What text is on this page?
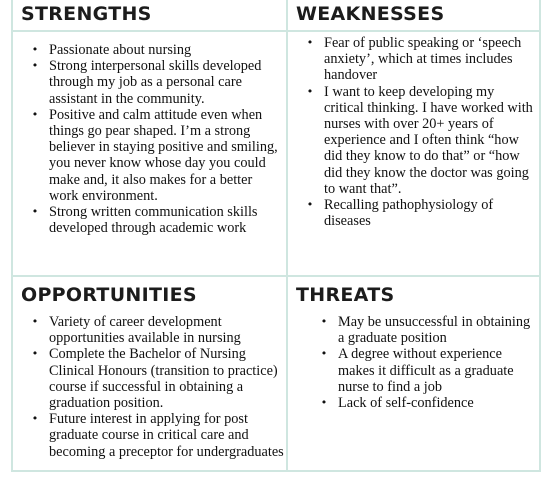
STRENGTHS
• Passionate about nursing
• Strong interpersonal skills developed through my job as a personal care assistant in the community.
• Positive and calm attitude even when things go pear shaped. I’m a strong believer in staying positive and smiling, you never know whose day you could make and, it also makes for a better work environment.
• Strong written communication skills developed through academic work
WEAKNESSES
• Fear of public speaking or ‘speech anxiety’, which at times includes handover
• I want to keep developing my critical thinking. I have worked with nurses with over 20+ years of experience and I often think “how did they know to do that” or “how did they know the doctor was going to want that”.
• Recalling pathophysiology of diseases
OPPORTUNITIES
• Variety of career development opportunities available in nursing
• Complete the Bachelor of Nursing Clinical Honours (transition to practice) course if successful in obtaining a graduation position.
• Future interest in applying for post graduate course in critical care and becoming a preceptor for undergraduates
THREATS
• May be unsuccessful in obtaining a graduate position
• A degree without experience makes it difficult as a graduate nurse to find a job
• Lack of self-confidence
